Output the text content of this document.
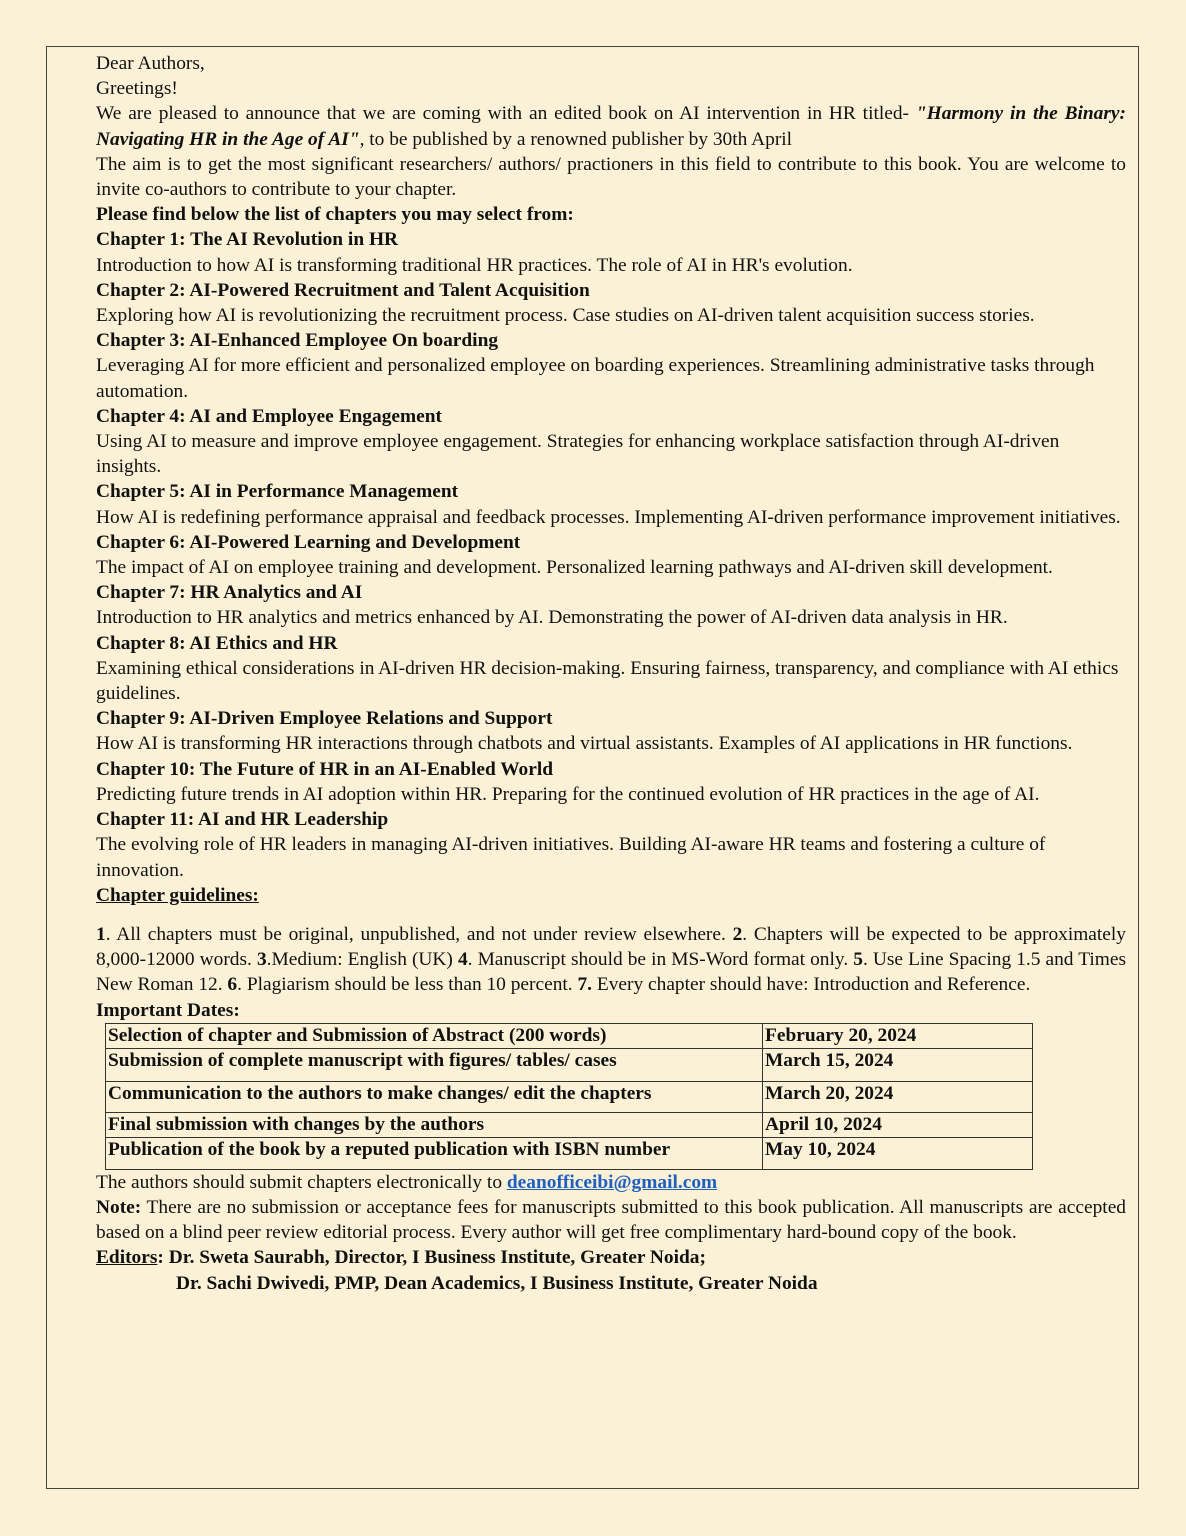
Dear Authors,

Greetings!

We are pleased to announce that we are coming with an edited book on AI intervention in HR titled- "Harmony in the Binary: Navigating HR in the Age of AI", to be published by a renowned publisher by 30th April

The aim is to get the most significant researchers/ authors/ practioners in this field to contribute to this book. You are welcome to invite co-authors to contribute to your chapter.

Please find below the list of chapters you may select from:

Chapter 1: The AI Revolution in HR

Introduction to how AI is transforming traditional HR practices. The role of AI in HR's evolution.

Chapter 2: AI-Powered Recruitment and Talent Acquisition

Exploring how AI is revolutionizing the recruitment process. Case studies on AI-driven talent acquisition success stories.

Chapter 3: AI-Enhanced Employee On boarding

Leveraging AI for more efficient and personalized employee on boarding experiences. Streamlining administrative tasks through automation.

Chapter 4: AI and Employee Engagement

Using AI to measure and improve employee engagement. Strategies for enhancing workplace satisfaction through AI-driven insights.

Chapter 5: AI in Performance Management

How AI is redefining performance appraisal and feedback processes. Implementing AI-driven performance improvement initiatives.

Chapter 6: AI-Powered Learning and Development

The impact of AI on employee training and development. Personalized learning pathways and AI-driven skill development.

Chapter 7: HR Analytics and AI

Introduction to HR analytics and metrics enhanced by AI. Demonstrating the power of AI-driven data analysis in HR.

Chapter 8: AI Ethics and HR

Examining ethical considerations in AI-driven HR decision-making. Ensuring fairness, transparency, and compliance with AI ethics guidelines.

Chapter 9: AI-Driven Employee Relations and Support

How AI is transforming HR interactions through chatbots and virtual assistants. Examples of AI applications in HR functions.

Chapter 10: The Future of HR in an AI-Enabled World

Predicting future trends in AI adoption within HR. Preparing for the continued evolution of HR practices in the age of AI.

Chapter 11: AI and HR Leadership

The evolving role of HR leaders in managing AI-driven initiatives. Building AI-aware HR teams and fostering a culture of innovation.

Chapter guidelines:

1. All chapters must be original, unpublished, and not under review elsewhere. 2. Chapters will be expected to be approximately 8,000-12000 words. 3.Medium: English (UK) 4. Manuscript should be in MS-Word format only. 5. Use Line Spacing 1.5 and Times New Roman 12. 6. Plagiarism should be less than 10 percent. 7. Every chapter should have: Introduction and Reference.

Important Dates:

Selection of chapter and Submission of Abstract (200 words)	February 20, 2024
Submission of complete manuscript with figures/ tables/ cases	March 15, 2024
Communication to the authors to make changes/ edit the chapters	March 20, 2024
Final submission with changes by the authors	April 10, 2024
Publication of the book by a reputed publication with ISBN number	May 10, 2024

The authors should submit chapters electronically to deanofficeibi@gmail.com

Note: There are no submission or acceptance fees for manuscripts submitted to this book publication. All manuscripts are accepted based on a blind peer review editorial process. Every author will get free complimentary hard-bound copy of the book.

Editors: Dr. Sweta Saurabh, Director, I Business Institute, Greater Noida;

Dr. Sachi Dwivedi, PMP, Dean Academics, I Business Institute, Greater Noida
